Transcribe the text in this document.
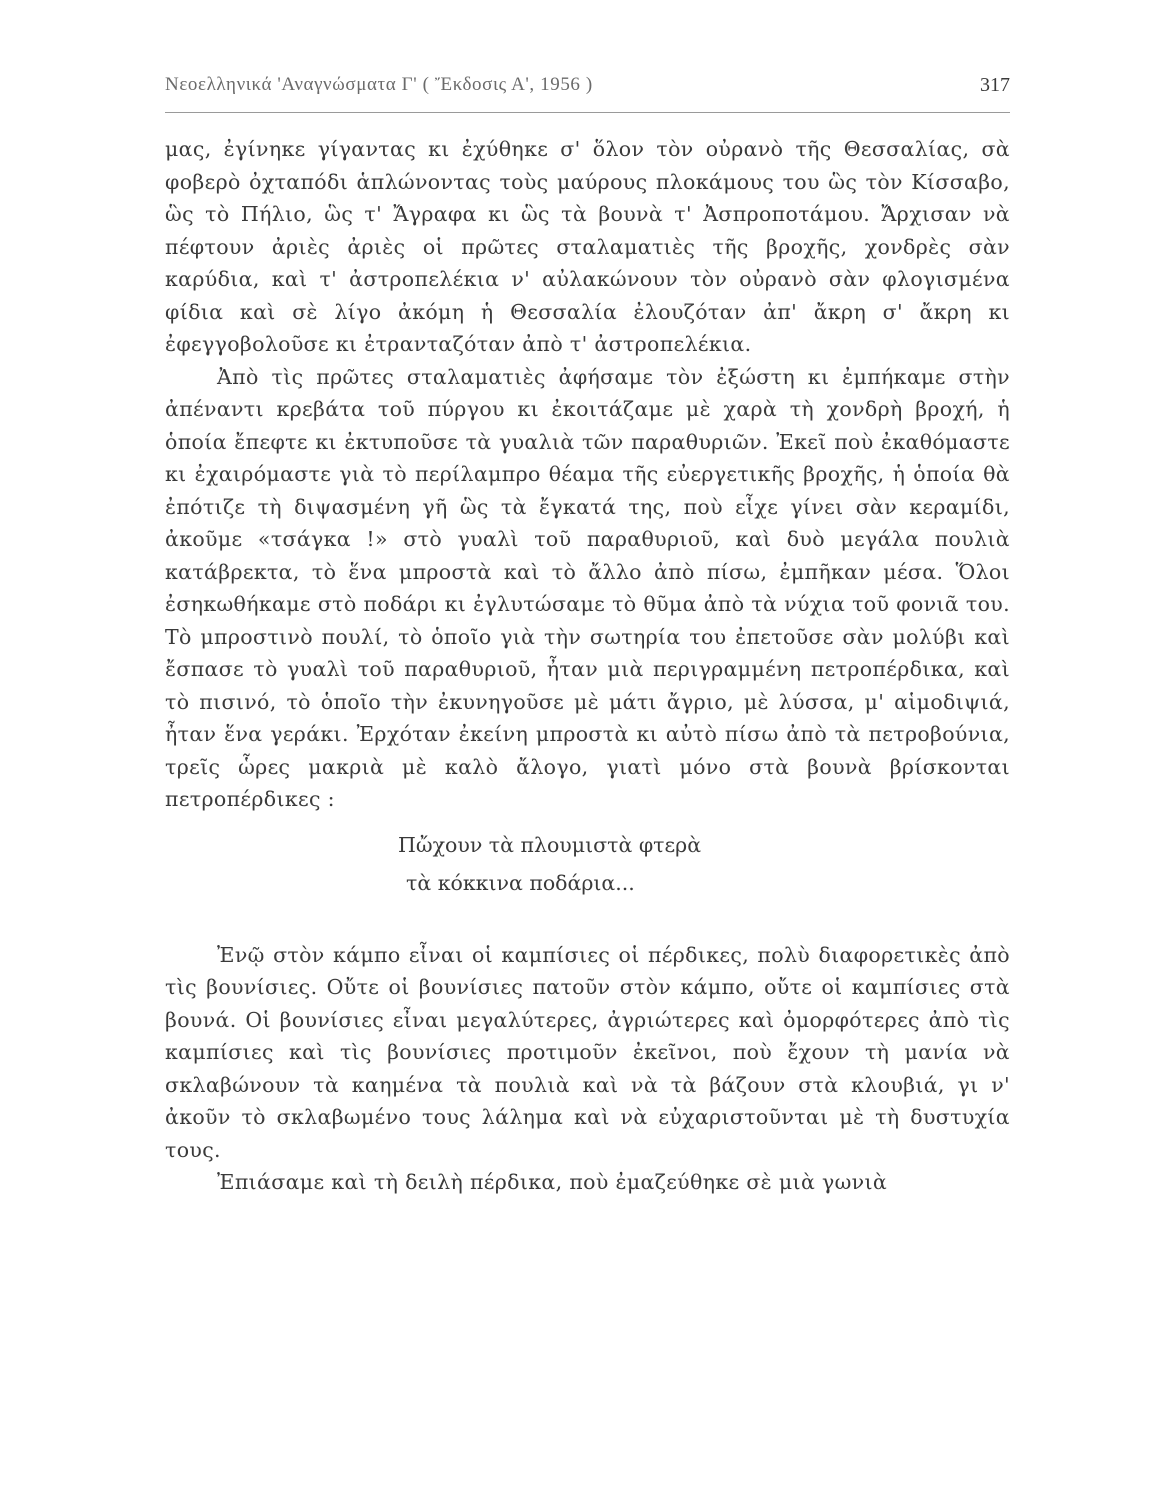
Νεοελληνικά 'Αναγνώσματα Γ' ( Ἔκδοσις Α', 1956 )	317

μας, ἐγίνηκε γίγαντας κι ἐχύθηκε σ' ὅλον τὸν οὐρανὸ τῆς Θεσσαλίας, σὰ φοβερὸ ὀχταπόδι ἁπλώνοντας τοὺς μαύρους πλοκάμους του ὣς τὸν Κίσσαβο, ὣς τὸ Πήλιο, ὣς τ' Ἄγραφα κι ὣς τὰ βουνὰ τ' Ἀσπροποτάμου. Ἄρχισαν νὰ πέφτουν ἀριὲς ἀριὲς οἱ πρῶτες σταλαματιὲς τῆς βροχῆς, χονδρὲς σὰν καρύδια, καὶ τ' ἀστροπελέκια ν' αὐλακώνουν τὸν οὐρανὸ σὰν φλογισμένα φίδια καὶ σὲ λίγο ἀκόμη ἡ Θεσσαλία ἐλουζόταν ἀπ' ἄκρη σ' ἄκρη κι ἐφεγγοβολοῦσε κι ἐτρανταζόταν ἀπὸ τ' ἀστροπελέκια.

Ἀπὸ τὶς πρῶτες σταλαματιὲς ἀφήσαμε τὸν ἐξώστη κι ἐμπήκαμε στὴν ἀπέναντι κρεβάτα τοῦ πύργου κι ἐκοιτάζαμε μὲ χαρὰ τὴ χονδρὴ βροχή, ἡ ὁποία ἔπεφτε κι ἐκτυποῦσε τὰ γυαλιὰ τῶν παραθυριῶν. Ἐκεῖ ποὺ ἐκαθόμαστε κι ἐχαιρόμαστε γιὰ τὸ περίλαμπρο θέαμα τῆς εὐεργετικῆς βροχῆς, ἡ ὁποία θὰ ἐπότιζε τὴ διψασμένη γῆ ὣς τὰ ἔγκατά της, ποὺ εἶχε γίνει σὰν κεραμίδι, ἀκοῦμε «τσάγκα !» στὸ γυαλὶ τοῦ παραθυριοῦ, καὶ δυὸ μεγάλα πουλιὰ κατάβρεκτα, τὸ ἕνα μπροστὰ καὶ τὸ ἄλλο ἀπὸ πίσω, ἐμπῆκαν μέσα. Ὅλοι ἐσηκωθήκαμε στὸ ποδάρι κι ἐγλυτώσαμε τὸ θῦμα ἀπὸ τὰ νύχια τοῦ φονιᾶ του. Τὸ μπροστινὸ πουλί, τὸ ὁποῖο γιὰ τὴν σωτηρία του ἐπετοῦσε σὰν μολύβι καὶ ἔσπασε τὸ γυαλὶ τοῦ παραθυριοῦ, ἦταν μιὰ περιγραμμένη πετροπέρδικα, καὶ τὸ πισινό, τὸ ὁποῖο τὴν ἐκυνηγοῦσε μὲ μάτι ἄγριο, μὲ λύσσα, μ' αἱμοδιψιά, ἦταν ἕνα γεράκι. Ἐρχόταν ἐκείνη μπροστὰ κι αὐτὸ πίσω ἀπὸ τὰ πετροβούνια, τρεῖς ὧρες μακριὰ μὲ καλὸ ἄλογο, γιατὶ μόνο στὰ βουνὰ βρίσκονται πετροπέρδικες :

Πὤχουν τὰ πλουμιστὰ φτερὰ
τὰ κόκκινα ποδάρια...

Ἐνῷ στὸν κάμπο εἶναι οἱ καμπίσιες οἱ πέρδικες, πολὺ διαφορετικὲς ἀπὸ τὶς βουνίσιες. Οὔτε οἱ βουνίσιες πατοῦν στὸν κάμπο, οὔτε οἱ καμπίσιες στὰ βουνά. Οἱ βουνίσιες εἶναι μεγαλύτερες, ἀγριώτερες καὶ ὀμορφότερες ἀπὸ τὶς καμπίσιες καὶ τὶς βουνίσιες προτιμοῦν ἐκεῖνοι, ποὺ ἔχουν τὴ μανία νὰ σκλαβώνουν τὰ καημένα τὰ πουλιὰ καὶ νὰ τὰ βάζουν στὰ κλουβιά, γι ν' ἀκοῦν τὸ σκλαβωμένο τους λάλημα καὶ νὰ εὐχαριστοῦνται μὲ τὴ δυστυχία τους.

Ἐπιάσαμε καὶ τὴ δειλὴ πέρδικα, ποὺ ἐμαζεύθηκε σὲ μιὰ γωνιὰ
